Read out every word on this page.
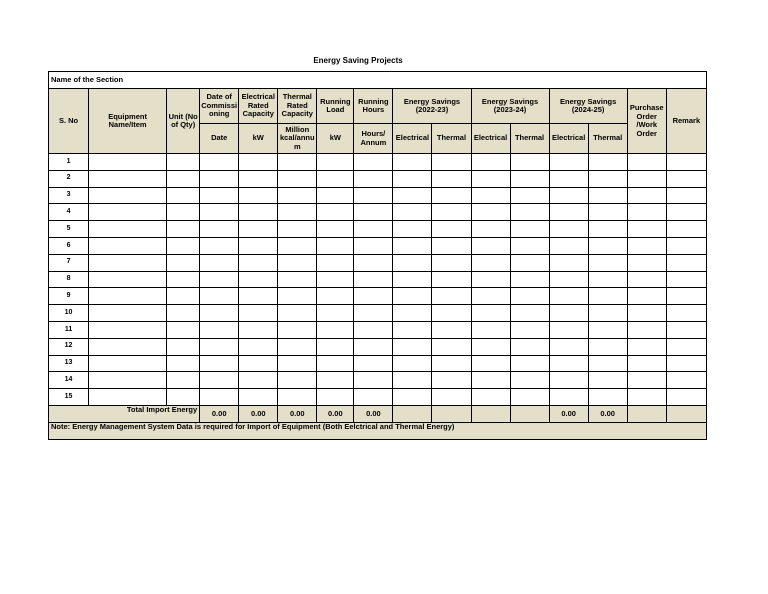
Energy Saving Projects
Name of the Section															
S. No	Equipment Name/Item	Unit (No of Qty)	Date of Commissi oning	Electrical Rated Capacity	Thermal Rated Capacity	Running Load	Running Hours	Energy Savings (2022-23)		Energy Savings (2023-24)		Energy Savings (2024-25)		Purchase Order /Work Order	Remark
			Date	kW	Million kcal/annu m	kW	Hours/ Annum	Electrical	Thermal	Electrical	Thermal	Electrical	Thermal		
1															
2															
3															
4															
5															
6															
7															
8															
9															
10															
11															
12															
13															
14															
15															
Total Import Energy			0.00	0.00	0.00	0.00	0.00					0.00	0.00		
Note: Energy Management System Data is required for Import of Equipment (Both Eelctrical and Thermal Energy)															
